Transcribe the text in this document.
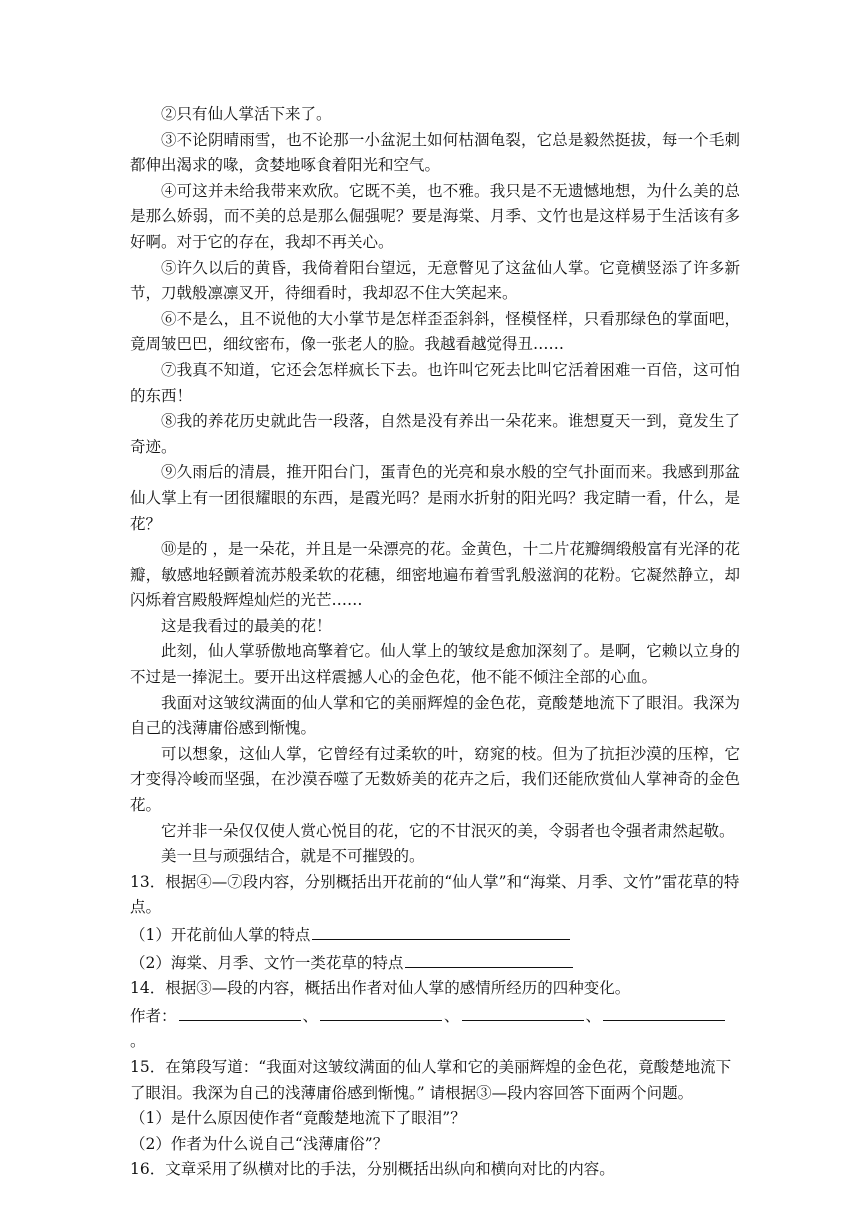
②只有仙人掌活下来了。

③不论阴晴雨雪，也不论那一小盆泥土如何枯涸龟裂，它总是毅然挺拔，每一个毛刺都伸出渴求的喙，贪婪地啄食着阳光和空气。

④可这并未给我带来欢欣。它既不美，也不雅。我只是不无遗憾地想，为什么美的总是那么娇弱，而不美的总是那么倔强呢？要是海棠、月季、文竹也是这样易于生活该有多好啊。对于它的存在，我却不再关心。

⑤许久以后的黄昏，我倚着阳台望远，无意瞥见了这盆仙人掌。它竟横竖添了许多新节，刀戟般凛凛叉开，待细看时，我却忍不住大笑起来。

⑥不是么，且不说他的大小掌节是怎样歪歪斜斜，怪模怪样，只看那绿色的掌面吧，竟周皱巴巴，细纹密布，像一张老人的脸。我越看越觉得丑……

⑦我真不知道，它还会怎样疯长下去。也许叫它死去比叫它活着困难一百倍，这可怕的东西！

⑧我的养花历史就此告一段落，自然是没有养出一朵花来。谁想夏天一到，竟发生了奇迹。

⑨久雨后的清晨，推开阳台门，蛋青色的光亮和泉水般的空气扑面而来。我感到那盆仙人掌上有一团很耀眼的东西，是霞光吗？是雨水折射的阳光吗？我定睛一看，什么，是花？

⑩是的 ，是一朵花，并且是一朵漂亮的花。金黄色，十二片花瓣绸缎般富有光泽的花瓣，敏感地轻颤着流苏般柔软的花穗，细密地遍布着雪乳般滋润的花粉。它凝然静立，却闪烁着宫殿般辉煌灿烂的光芒……

这是我看过的最美的花！

此刻，仙人掌骄傲地高擎着它。仙人掌上的皱纹是愈加深刻了。是啊，它赖以立身的不过是一捧泥土。要开出这样震撼人心的金色花，他不能不倾注全部的心血。

我面对这皱纹满面的仙人掌和它的美丽辉煌的金色花，竟酸楚地流下了眼泪。我深为自己的浅薄庸俗感到惭愧。

可以想象，这仙人掌，它曾经有过柔软的叶，窈窕的枝。但为了抗拒沙漠的压榨，它才变得冷峻而坚强，在沙漠吞噬了无数娇美的花卉之后，我们还能欣赏仙人掌神奇的金色花。

它并非一朵仅仅使人赏心悦目的花，它的不甘泯灭的美，令弱者也令强者肃然起敬。

美一旦与顽强结合，就是不可摧毁的。

13．根据④—⑦段内容，分别概括出开花前的“仙人掌”和“海棠、月季、文竹”雷花草的特点。

（1）开花前仙人掌的特点

（2）海棠、月季、文竹一类花草的特点

14．根据③—段的内容，概括出作者对仙人掌的感情所经历的四种变化。

作者：	、	、	、。

15．在第段写道：“我面对这皱纹满面的仙人掌和它的美丽辉煌的金色花，竟酸楚地流下了眼泪。我深为自己的浅薄庸俗感到惭愧。” 请根据③—段内容回答下面两个问题。

（1）是什么原因使作者“竟酸楚地流下了眼泪”？

（2）作者为什么说自己“浅薄庸俗”？

16．文章采用了纵横对比的手法，分别概括出纵向和横向对比的内容。
